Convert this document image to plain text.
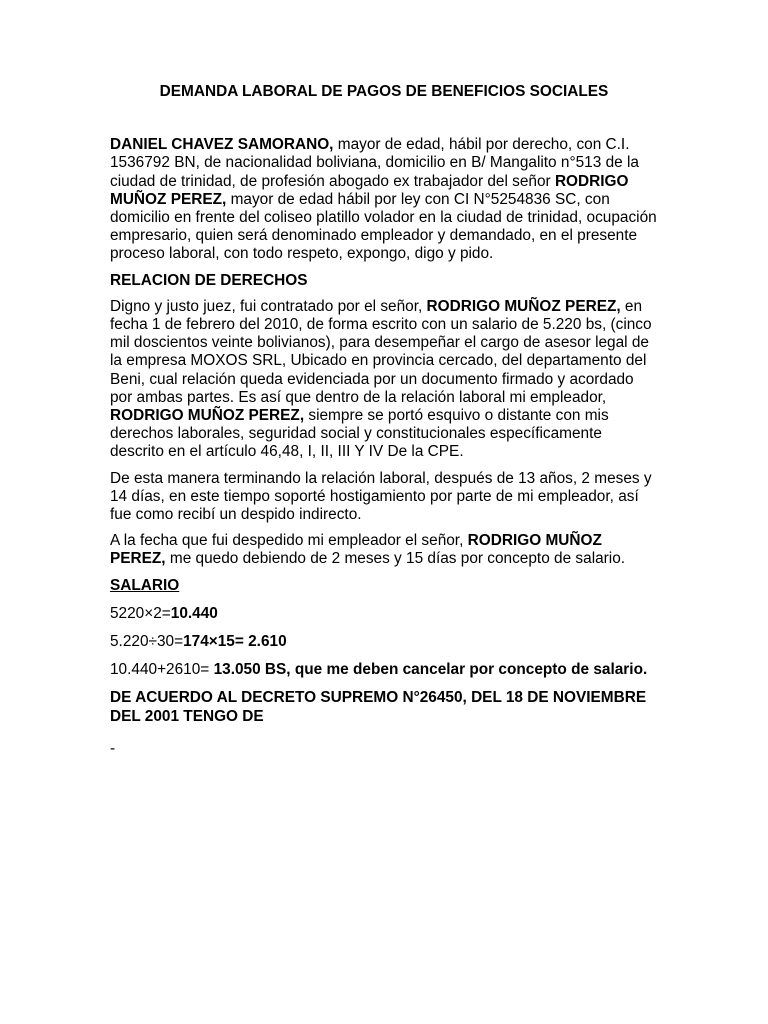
DEMANDA LABORAL DE PAGOS DE BENEFICIOS SOCIALES

DANIEL CHAVEZ SAMORANO, mayor de edad, hábil por derecho, con C.I. 1536792 BN, de nacionalidad boliviana, domicilio en B/ Mangalito n°513 de la ciudad de trinidad, de profesión abogado ex trabajador del señor RODRIGO MUÑOZ PEREZ, mayor de edad hábil por ley con CI N°5254836 SC, con domicilio en frente del coliseo platillo volador en la ciudad de trinidad, ocupación empresario, quien será denominado empleador y demandado, en el presente proceso laboral, con todo respeto, expongo, digo y pido.

RELACION DE DERECHOS

Digno y justo juez, fui contratado por el señor, RODRIGO MUÑOZ PEREZ, en fecha 1 de febrero del 2010, de forma escrito con un salario de 5.220 bs, (cinco mil doscientos veinte bolivianos), para desempeñar el cargo de asesor legal de la empresa MOXOS SRL, Ubicado en provincia cercado, del departamento del Beni, cual relación queda evidenciada por un documento firmado y acordado por ambas partes. Es así que dentro de la relación laboral mi empleador, RODRIGO MUÑOZ PEREZ, siempre se portó esquivo o distante con mis derechos laborales, seguridad social y constitucionales específicamente descrito en el artículo 46,48, I, II, III Y IV De la CPE.

De esta manera terminando la relación laboral, después de 13 años, 2 meses y 14 días, en este tiempo soporté hostigamiento por parte de mi empleador, así fue como recibí un despido indirecto.

A la fecha que fui despedido mi empleador el señor, RODRIGO MUÑOZ PEREZ, me quedo debiendo de 2 meses y 15 días por concepto de salario.

SALARIO
5220×2=10.440
5.220÷30=174×15= 2.610
10.440+2610= 13.050 BS, que me deben cancelar por concepto de salario.
DE ACUERDO AL DECRETO SUPREMO N°26450, DEL 18 DE NOVIEMBRE DEL 2001 TENGO DE
-
